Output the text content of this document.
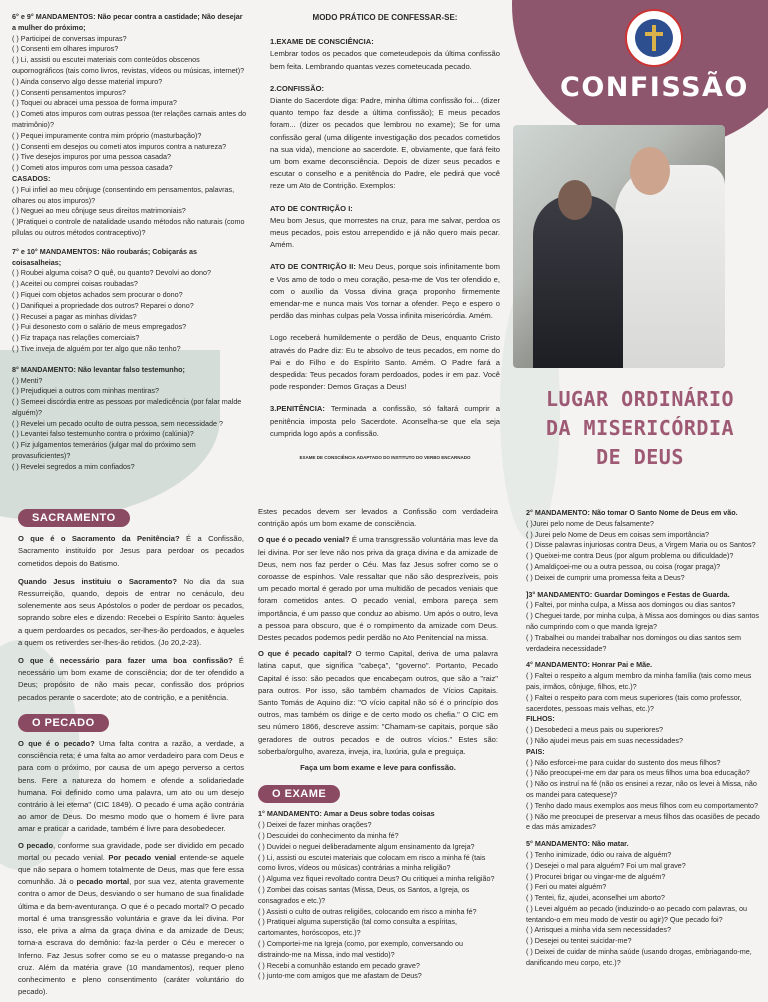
6° e 9° MANDAMENTOS: Não pecar contra a castidade; Não desejar a mulher do próximo;
( ) Participei de conversas impuras?
( ) Consenti em olhares impuros?
( ) Li, assisti ou escutei materiais com conteúdos obscenos oupornográficos (tais como livros, revistas, vídeos ou músicas, internet)?
( ) Ainda conservo algo desse material impuro?
( ) Consenti pensamentos impuros?
( ) Toquei ou abracei uma pessoa de forma impura?
( ) Cometi atos impuros com outras pessoa (ter relações carnais antes do matrimônio)?
( ) Pequei impuramente contra mim próprio (masturbação)?
( ) Consenti em desejos ou cometi atos impuros contra a natureza?
( ) Tive desejos impuros por uma pessoa casada?
( ) Cometi atos impuros com uma pessoa casada?
CASADOS:
( ) Fui infiel ao meu cônjuge (consentindo em pensamentos, palavras, olhares ou atos impuros)?
( ) Neguei ao meu cônjuge seus direitos matrimoniais?
( )Pratiquei o controle de natalidade usando métodos não naturais (como pílulas ou outros métodos contraceptivo)?
7° e 10° MANDAMENTOS: Não roubarás; Cobiçarás as coisasalheias;
( ) Roubei alguma coisa? O quê, ou quanto? Devolvi ao dono?
( ) Aceitei ou comprei coisas roubadas?
( ) Fiquei com objetos achados sem procurar o dono?
( ) Danifiquei a propriedade dos outros? Reparei o dono?
( ) Recusei a pagar as minhas dívidas?
( ) Fui desonesto com o salário de meus empregados?
( ) Fiz trapaça nas relações comerciais?
( ) Tive inveja de alguém por ter algo que não tenho?
8° MANDAMENTO: Não levantar falso testemunho;
( ) Menti?
( ) Prejudiquei a outros com minhas mentiras?
( ) Semeei discórdia entre as pessoas por maledicência (por falar malde alguém)?
( ) Revelei um pecado oculto de outra pessoa, sem necessidade ?
( ) Levantei falso testemunho contra o próximo (calúnia)?
( ) Fiz julgamentos temerários (julgar mal do próximo sem provasuficientes)?
( ) Revelei segredos a mim confiados?
MODO PRÁTICO DE CONFESSAR-SE:
1.EXAME DE CONSCIÊNCIA:
Lembrar todos os pecados que cometeudepois da última confissão bem feita. Lembrando quantas vezes cometeucada pecado.
2.CONFISSÃO:
Diante do Sacerdote diga: Padre, minha última confissão foi... (dizer quanto tempo faz desde a última confissão); E meus pecados foram... (dizer os pecados que lembrou no exame); Se for uma confissão geral (uma diligente investigação dos pecados cometidos na sua vida), mencione ao sacerdote. E, obviamente, que fará feito um bom exame deconsciência. Depois de dizer seus pecados e escutar o conselho e a penitência do Padre, ele pedirá que você reze um Ato de Contrição. Exemplos:
ATO DE CONTRIÇÃO I:
Meu bom Jesus, que morrestes na cruz, para me salvar, perdoa os meus pecados, pois estou arrependido e já não quero mais pecar. Amém.
ATO DE CONTRIÇÃO II: Meu Deus, porque sois infinitamente bom e Vos amo de todo o meu coração, pesa-me de Vos ter ofendido e, com o auxílio da Vossa divina graça proponho firmemente emendar-me e nunca mais Vos tornar a ofender. Peço e espero o perdão das minhas culpas pela Vossa infinita misericórdia. Amém.
Logo receberá humildemente o perdão de Deus, enquanto Cristo através do Padre diz: Eu te absolvo de teus pecados, em nome do Pai e do Filho e do Espírito Santo. Amém. O Padre fará a despedida: Teus pecados foram perdoados, podes ir em paz. Você pode responder: Demos Graças a Deus!
3.PENITÊNCIA: Terminada a confissão, só faltará cumprir a penitência imposta pelo Sacerdote. Aconselha-se que ela seja cumprida logo após a confissão.
EXAME DE CONSCIÊNCIA ADAPTADO DO INSTITUTO DO VERBO ENCARNADO
CONFISSÃO
LUGAR ORDINÁRIO
DA MISERICÓRDIA
DE DEUS
SACRAMENTO
O que é o Sacramento da Penitência? É a Confissão, Sacramento instituído por Jesus para perdoar os pecados cometidos depois do Batismo.
Quando Jesus instituiu o Sacramento? No dia da sua Ressurreição, quando, depois de entrar no cenáculo, deu solenemente aos seus Apóstolos o poder de perdoar os pecados, soprando sobre eles e dizendo: Recebei o Espírito Santo: àqueles a quem perdoardes os pecados, ser-lhes-ão perdoados, e àqueles a quem os retiverdes ser-lhes-ão retidos. (Jo 20,2-23).
O que é necessário para fazer uma boa confissão? É necessário um bom exame de consciência; dor de ter ofendido a Deus; propósito de não mais pecar, confissão dos próprios pecados perante o sacerdote; ato de contrição, e a penitência.
O PECADO
O que é o pecado? Uma falta contra a razão, a verdade, a consciência reta; é uma falta ao amor verdadeiro para com Deus e para com o próximo, por causa de um apego perverso a certos bens. Fere a natureza do homem e ofende a solidariedade humana. Foi definido como uma palavra, um ato ou um desejo contrário à lei eterna" (CIC 1849). O pecado é uma ação contrária ao amor de Deus. Do mesmo modo que o homem é livre para amar e praticar a caridade, também é livre para desobedecer.
O pecado, conforme sua gravidade, pode ser dividido em pecado mortal ou pecado venial. Por pecado venial entende-se aquele que não separa o homem totalmente de Deus, mas que fere essa comunhão. Já o pecado mortal, por sua vez, atenta gravemente contra o amor de Deus, desviando o ser humano de sua finalidade última e da bem-aventurança. O que é o pecado mortal? O pecado mortal é uma transgressão voluntária e grave da lei divina. Por isso, ele priva a alma da graça divina e da amizade de Deus; torna-a escrava do demônio: faz-la perder o Céu e merecer o Inferno. Faz Jesus sofrer como se eu o matasse pregando-o na cruz. Além da matéria grave (10 mandamentos), requer pleno conhecimento e pleno consentimento (caráter voluntário do pecado).
Estes pecados devem ser levados a Confissão com verdadeira contrição após um bom exame de consciência.
O que é o pecado venial? É uma transgressão voluntária mas leve da lei divina. Por ser leve não nos priva da graça divina e da amizade de Deus, nem nos faz perder o Céu. Mas faz Jesus sofrer como se o coroasse de espinhos. Vale ressaltar que não são desprezíveis, pois um pecado mortal é gerado por uma multidão de pecados veniais que foram cometidos antes. O pecado venial, embora pareça sem importância, é um passo que conduz ao abismo. Um após o outro, leva a pessoa para obscuro, que é o rompimento da amizade com Deus. Destes pecados podemos pedir perdão no Ato Penitencial na missa.
O que é pecado capital? O termo Capital, deriva de uma palavra latina caput, que significa "cabeça", "governo". Portanto, Pecado Capital é isso: são pecados que encabeçam outros, que são a "raiz" para outros. Por isso, são também chamados de Vícios Capitais. Santo Tomás de Aquino diz: "O vício capital não só é o princípio dos outros, mas também os dirige e de certo modo os chefia." O CIC em seu número 1866, descreve assim: "Chamam-se capitais, porque são geradores de outros pecados e de outros vícios." Estes são: soberba/orgulho, avareza, inveja, ira, luxúria, gula e preguiça.
Faça um bom exame e leve para confissão.
O EXAME
1° MANDAMENTO: Amar a Deus sobre todas coisas
( ) Deixei de fazer minhas orações?
( ) Descuidei do conhecimento da minha fé?
( ) Duvidei o neguei deliberadamente algum ensinamento da Igreja?
( ) Li, assisti ou escutei materiais que colocam em risco a minha fé (tais como livros, vídeos ou músicas) contrárias a minha religião?
( ) Alguma vez fiquei revoltado contra Deus? Ou critiquei a minha religião?
( ) Zombei das coisas santas (Missa, Deus, os Santos, a Igreja, os consagrados e etc.)?
( ) Assisti o culto de outras religiões, colocando em risco a minha fé?
( ) Pratiquei alguma superstição (tal como consulta a espíritas, cartomantes, horóscopos, etc.)?
( ) Comportei-me na Igreja (como, por exemplo, conversando ou distraindo-me na Missa, indo mal vestido)?
( ) Recebi a comunhão estando em pecado grave?
( ) junto-me com amigos que me afastam de Deus?
2° MANDAMENTO: Não tomar O Santo Nome de Deus em vão.
( )Jurei pelo nome de Deus falsamente?
( ) Jurei pelo Nome de Deus em coisas sem importância?
( ) Disse palavras injuriosas contra Deus, a Virgem Maria ou os Santos?
( ) Queixei-me contra Deus (por algum problema ou dificuldade)?
( ) Amaldiçoei-me ou a outra pessoa, ou coisa (rogar praga)?
( ) Deixei de cumprir uma promessa feita a Deus?
]3° MANDAMENTO: Guardar Domingos e Festas de Guarda.
( ) Faltei, por minha culpa, a Missa aos domingos ou dias santos?
( ) Cheguei tarde, por minha culpa, à Missa aos domingos ou dias santos não cumprindo com o que manda Igreja?
( ) Trabalhei ou mandei trabalhar nos domingos ou dias santos sem verdadeira necessidade?
4° MANDAMENTO: Honrar Pai e Mãe.
( ) Faltei o respeito a algum membro da minha família (tais como meus pais, irmãos, cônjuge, filhos, etc.)?
( ) Faltei o respeito para com meus superiores (tais como professor, sacerdotes, pessoas mais velhas, etc.)?
FILHOS:
( ) Desobedeci a meus pais ou superiores?
( ) Não ajudei meus pais em suas necessidades?
PAIS:
( ) Não esforcei-me para cuidar do sustento dos meus filhos?
( ) Não preocupei-me em dar para os meus filhos uma boa educação?
( ) Não os instruí na fé (não os ensinei a rezar, não os levei à Missa, não os mandei para catequese)?
( ) Tenho dado maus exemplos aos meus filhos com eu comportamento?
( ) Não me preocupei de preservar a meus filhos das ocasiões de pecado e das más amizades?
5° MANDAMENTO: Não matar.
( ) Tenho inimizade, ódio ou raiva de alguém?
( ) Desejei o mal para alguém? Foi um mal grave?
( ) Procurei brigar ou vingar-me de alguém?
( ) Feri ou matei alguém?
( ) Tentei, fiz, ajudei, aconselhei um aborto?
( ) Levei alguém ao pecado (induzindo-o ao pecado com palavras, ou tentando-o em meu modo de vestir ou agir)? Que pecado foi?
( ) Arrisquei a minha vida sem necessidades?
( ) Desejei ou tentei suicidar-me?
( ) Deixei de cuidar de minha saúde (usando drogas, embriagando-me, danificando meu corpo, etc.)?
